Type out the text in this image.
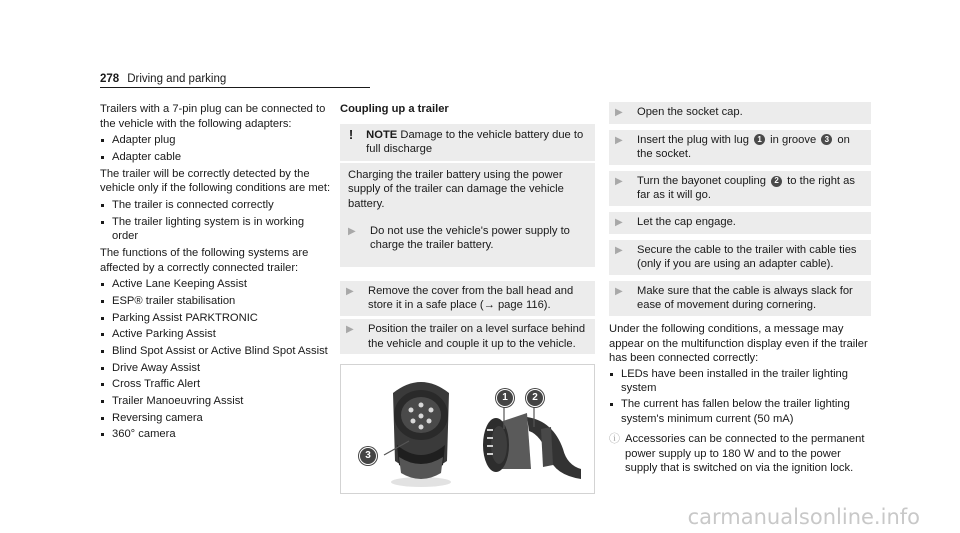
278 Driving and parking

Trailers with a 7-pin plug can be connected to the vehicle with the following adapters:

Adapter plug
Adapter cable

The trailer will be correctly detected by the vehicle only if the following conditions are met:

The trailer is connected correctly
The trailer lighting system is in working order

The functions of the following systems are affected by a correctly connected trailer:

Active Lane Keeping Assist
ESP® trailer stabilisation
Parking Assist PARKTRONIC
Active Parking Assist
Blind Spot Assist or Active Blind Spot Assist
Drive Away Assist
Cross Traffic Alert
Trailer Manoeuvring Assist
Reversing camera
360° camera

Coupling up a trailer

! NOTE Damage to the vehicle battery due to full discharge

Charging the trailer battery using the power supply of the trailer can damage the vehicle battery.

▶	Do not use the vehicle's power supply to charge the trailer battery.
▶	Remove the cover from the ball head and store it in a safe place (→ page 116).
▶	Position the trailer on a level surface behind the vehicle and couple it up to the vehicle.
1	2
3
▶	Open the socket cap.
▶	Insert the plug with lug 1 in groove 3 on the socket.
▶	Turn the bayonet coupling 2 to the right as far as it will go.
▶	Let the cap engage.
▶	Secure the cable to the trailer with cable ties (only if you are using an adapter cable).
▶	Make sure that the cable is always slack for ease of movement during cornering.

Under the following conditions, a message may appear on the multifunction display even if the trailer has been connected correctly:

LEDs have been installed in the trailer lighting system
The current has fallen below the trailer lighting system's minimum current (50 mA)
ⓘ Accessories can be connected to the permanent power supply up to 180 W and to the power supply that is switched on via the ignition lock.
carmanualsonline.info
